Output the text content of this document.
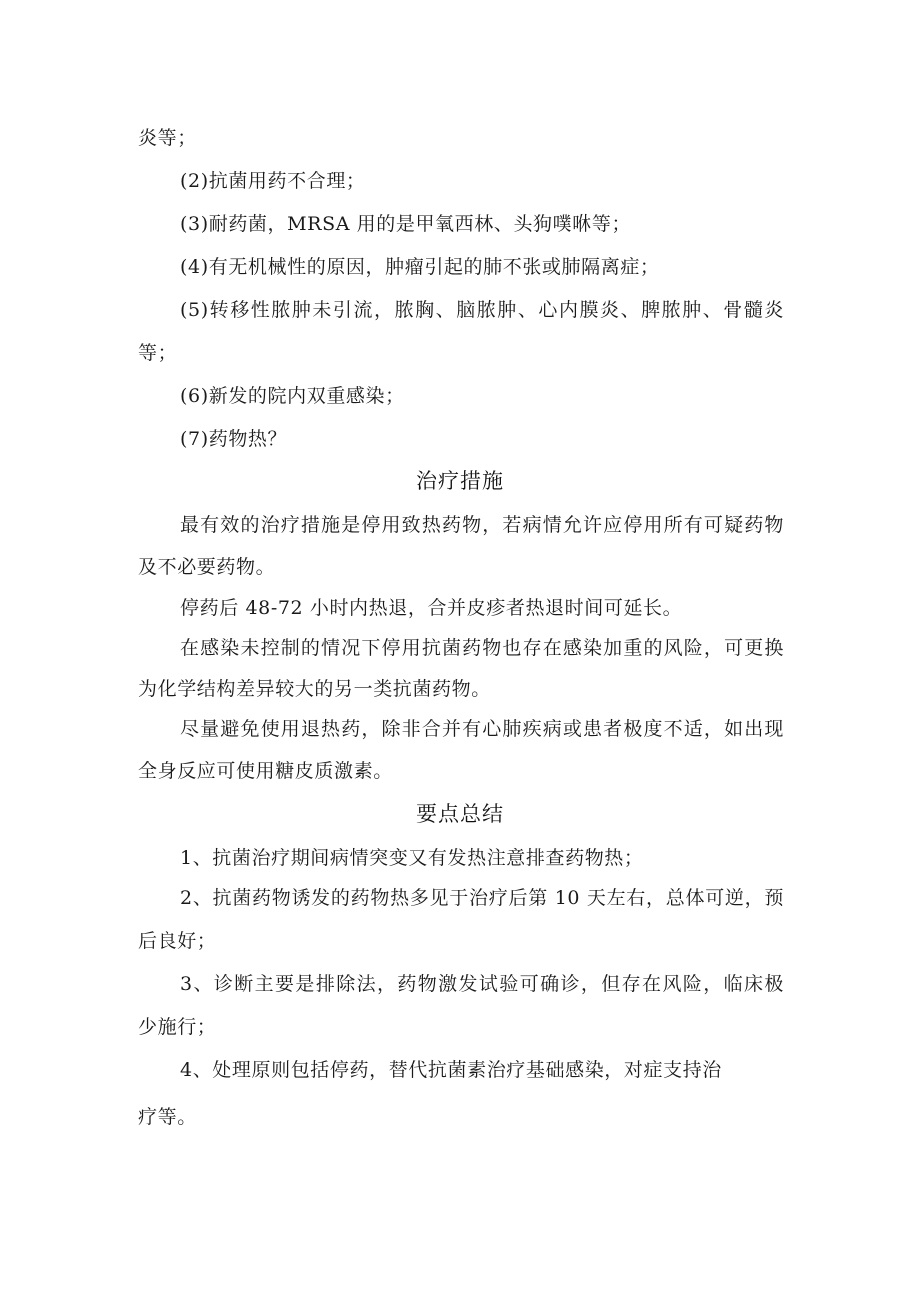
炎等；
(2)抗菌用药不合理；
(3)耐药菌，MRSA 用的是甲氧西林、头狗噗咻等；
(4)有无机械性的原因，肿瘤引起的肺不张或肺隔离症；
(5)转移性脓肿未引流，脓胸、脑脓肿、心内膜炎、脾脓肿、骨髓炎
等；
(6)新发的院内双重感染；
(7)药物热？
治疗措施
最有效的治疗措施是停用致热药物，若病情允许应停用所有可疑药物
及不必要药物。
停药后 48-72 小时内热退，合并皮疹者热退时间可延长。
在感染未控制的情况下停用抗菌药物也存在感染加重的风险，可更换
为化学结构差异较大的另一类抗菌药物。
尽量避免使用退热药，除非合并有心肺疾病或患者极度不适，如出现
全身反应可使用糖皮质激素。
要点总结
1、抗菌治疗期间病情突变又有发热注意排查药物热；
2、抗菌药物诱发的药物热多见于治疗后第 10 天左右，总体可逆，预
后良好；
3、诊断主要是排除法，药物激发试验可确诊，但存在风险，临床极
少施行；
4、处理原则包括停药，替代抗菌素治疗基础感染，对症支持治
疗等。
